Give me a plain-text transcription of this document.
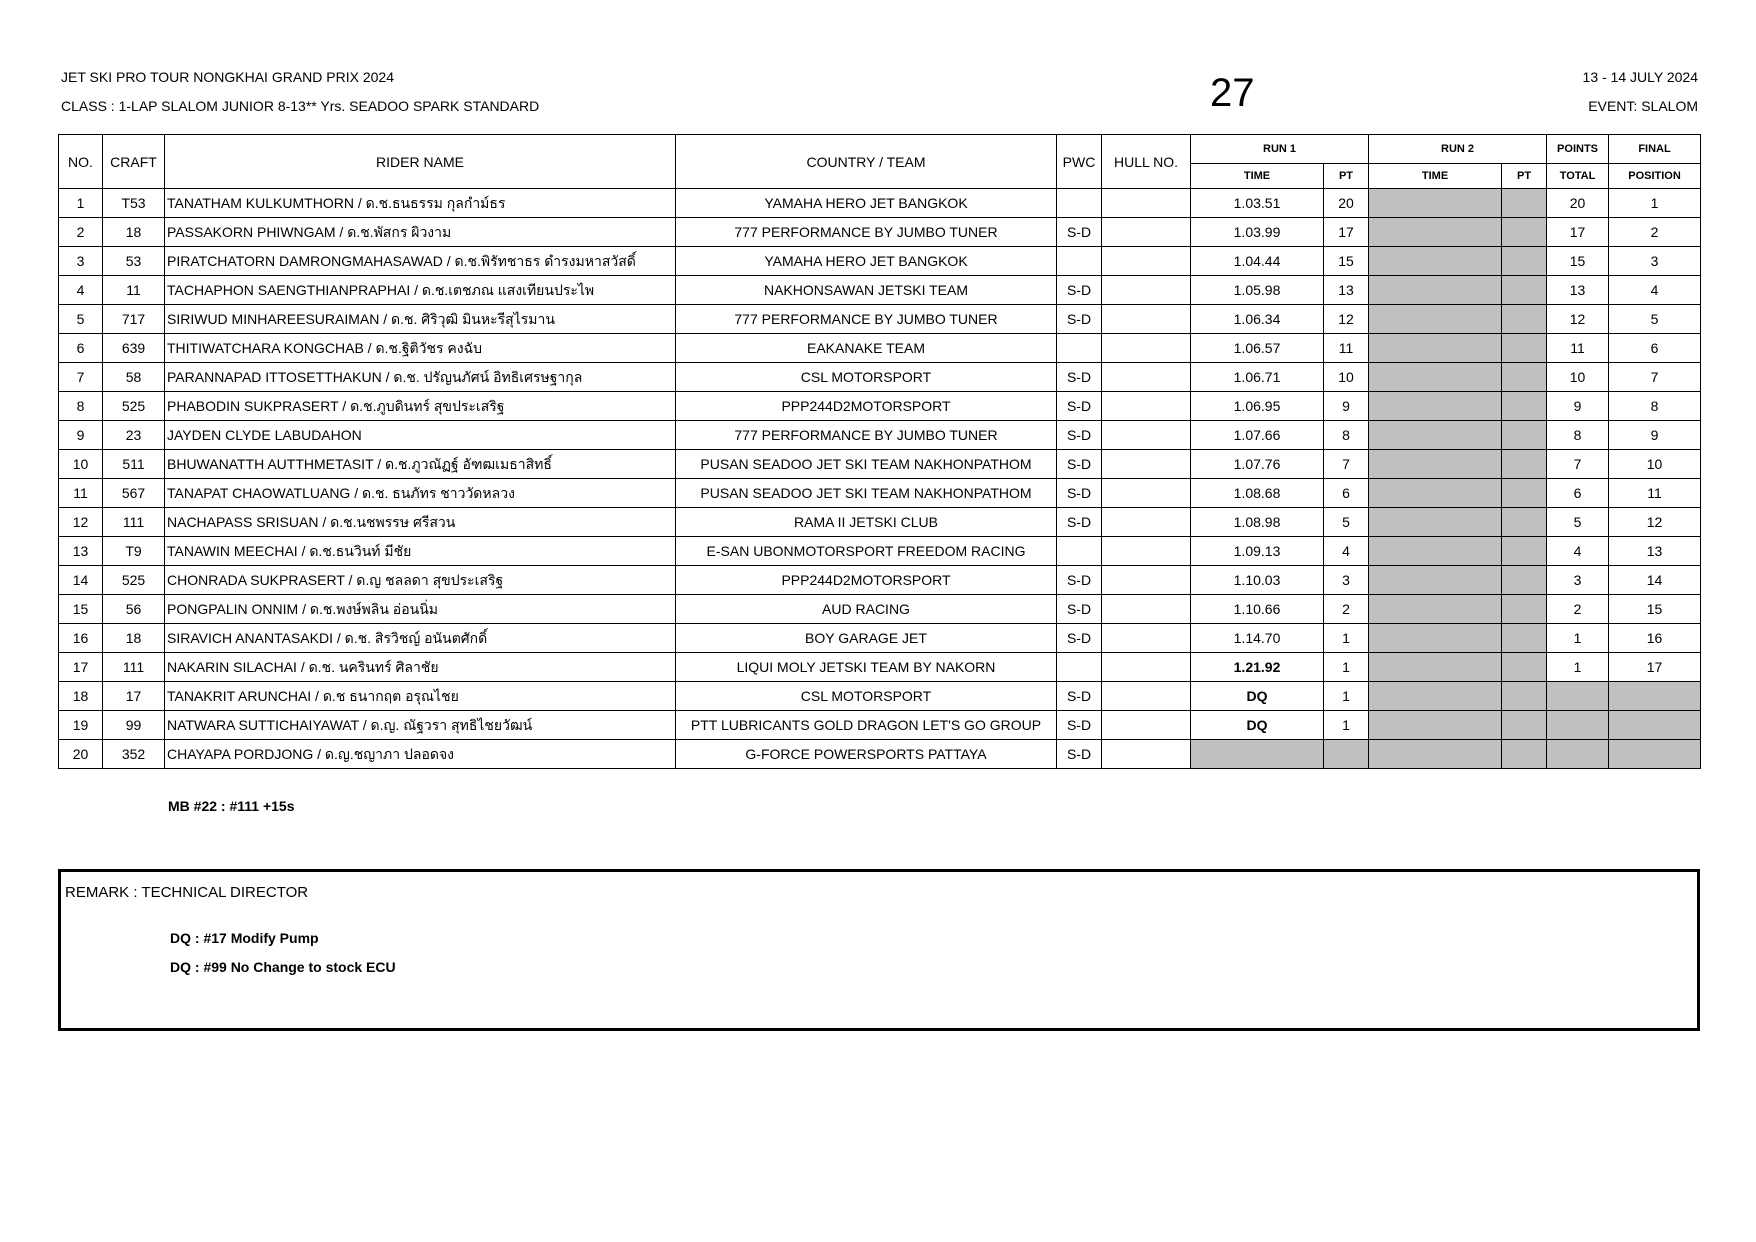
JET SKI PRO TOUR NONGKHAI GRAND PRIX 2024
CLASS : 1-LAP SLALOM JUNIOR 8-13** Yrs. SEADOO SPARK STANDARD	27	13 - 14 JULY 2024
EVENT: SLALOM
NO.	CRAFT	RIDER NAME	COUNTRY / TEAM	PWC	HULL NO.	RUN 1		RUN 2		POINTS	FINAL
						TIME	PT	TIME	PT	TOTAL	POSITION
1	T53	TANATHAM KULKUMTHORN / ด.ช.ธนธรรม กุลกำม์ธร	YAMAHA HERO JET BANGKOK			1.03.51	20			20	1
2	18	PASSAKORN PHIWNGAM / ด.ช.พัสกร ผิวงาม	777 PERFORMANCE BY JUMBO TUNER	S-D		1.03.99	17			17	2
3	53	PIRATCHATORN DAMRONGMAHASAWAD / ด.ช.พิรัทชาธร ดำรงมหาสวัสดิ์	YAMAHA HERO JET BANGKOK			1.04.44	15			15	3
4	11	TACHAPHON SAENGTHIANPRAPHAI / ด.ช.เตชภณ แสงเทียนประไพ	NAKHONSAWAN JETSKI TEAM	S-D		1.05.98	13			13	4
5	717	SIRIWUD MINHAREESURAIMAN / ด.ช. ศิริวุฒิ มินหะรีสุไรมาน	777 PERFORMANCE BY JUMBO TUNER	S-D		1.06.34	12			12	5
6	639	THITIWATCHARA KONGCHAB / ด.ช.ฐิติวัชร คงฉับ	EAKANAKE TEAM			1.06.57	11			11	6
7	58	PARANNAPAD ITTOSETTHAKUN / ด.ช. ปรัญนภัศน์ อิทธิเศรษฐากุล	CSL MOTORSPORT	S-D		1.06.71	10			10	7
8	525	PHABODIN SUKPRASERT / ด.ช.ภูบดินทร์ สุขประเสริฐ	PPP244D2MOTORSPORT	S-D		1.06.95	9			9	8
9	23	JAYDEN CLYDE LABUDAHON	777 PERFORMANCE BY JUMBO TUNER	S-D		1.07.66	8			8	9
10	511	BHUWANATTH AUTTHMETASIT / ด.ช.ภูวณัฏฐ์ อัฑฒเมธาสิทธิ์	PUSAN SEADOO JET SKI TEAM NAKHONPATHOM	S-D		1.07.76	7			7	10
11	567	TANAPAT CHAOWATLUANG / ด.ช. ธนภัทร ชาววัดหลวง	PUSAN SEADOO JET SKI TEAM NAKHONPATHOM	S-D		1.08.68	6			6	11
12	111	NACHAPASS SRISUAN / ด.ช.นชพรรษ ศรีสวน	RAMA II JETSKI CLUB	S-D		1.08.98	5			5	12
13	T9	TANAWIN MEECHAI / ด.ช.ธนวินท์ มีชัย	E-SAN UBONMOTORSPORT FREEDOM RACING			1.09.13	4			4	13
14	525	CHONRADA SUKPRASERT / ด.ญ ชลลดา สุขประเสริฐ	PPP244D2MOTORSPORT	S-D		1.10.03	3			3	14
15	56	PONGPALIN ONNIM / ด.ช.พงษ์พลิน อ่อนนิ่ม	AUD RACING	S-D		1.10.66	2			2	15
16	18	SIRAVICH ANANTASAKDI / ด.ช. สิรวิชญ์ อนันตศักดิ์	BOY GARAGE JET	S-D		1.14.70	1			1	16
17	111	NAKARIN SILACHAI / ด.ช. นครินทร์ ศิลาชัย	LIQUI MOLY JETSKI TEAM BY NAKORN			1.21.92	1			1	17
18	17	TANAKRIT ARUNCHAI / ด.ช ธนากฤต อรุณไชย	CSL MOTORSPORT	S-D		DQ	1				
19	99	NATWARA SUTTICHAIYAWAT / ด.ญ. ณัฐวรา สุทธิไชยวัฒน์	PTT LUBRICANTS GOLD DRAGON LET'S GO GROUP	S-D		DQ	1				
20	352	CHAYAPA PORDJONG / ด.ญ.ชญาภา ปลอดจง	G-FORCE POWERSPORTS PATTAYA	S-D							
MB #22 : #111 +15s
REMARK : TECHNICAL DIRECTOR
DQ : #17 Modify Pump
DQ : #99 No Change to stock ECU
